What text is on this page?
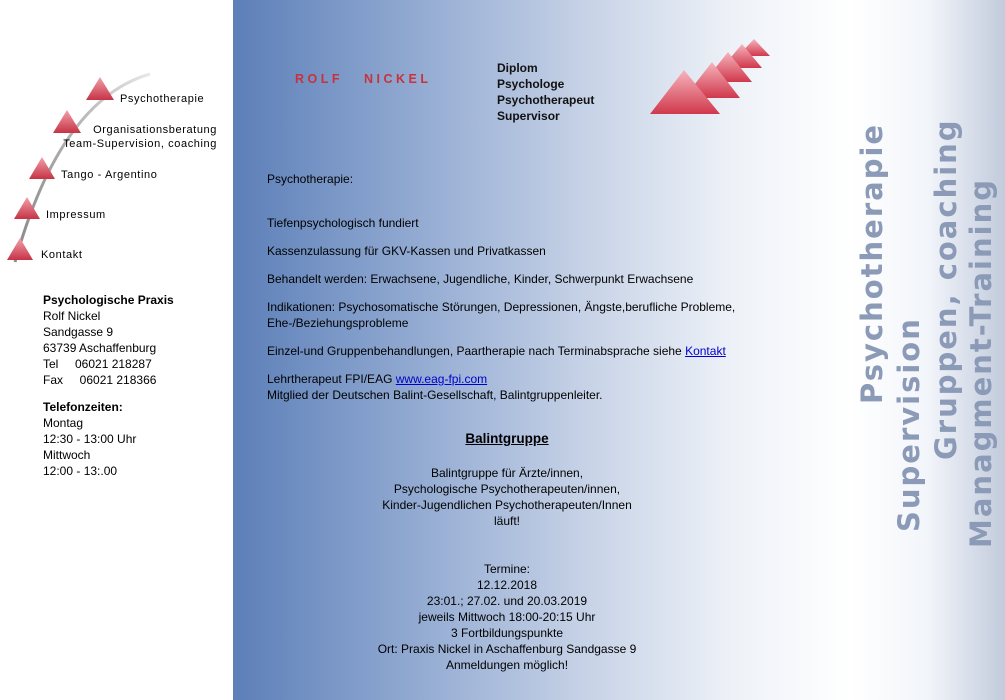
Psychotherapie
Organisationsberatung
Team-Supervision, coaching
Tango - Argentino
Impressum
Kontakt
Psychologische Praxis
Rolf Nickel
Sandgasse 9
63739 Aschaffenburg
Tel     06021 218287
Fax     06021 218366
Telefonzeiten:
Montag
12:30 - 13:00 Uhr
Mittwoch
12:00 - 13:.00
ROLF   NICKEL
Diplom
Psychologe
Psychotherapeut
Supervisor
Psychotherapie:
Tiefenpsychologisch fundiert
Kassenzulassung für GKV-Kassen und Privatkassen
Behandelt werden: Erwachsene, Jugendliche, Kinder, Schwerpunkt Erwachsene
Indikationen: Psychosomatische Störungen, Depressionen, Ängste,berufliche Probleme,
Ehe-/Beziehungsprobleme
Einzel-und Gruppenbehandlungen, Paartherapie nach Terminabsprache siehe Kontakt
Lehrtherapeut FPI/EAG www.eag-fpi.com
Mitglied der Deutschen Balint-Gesellschaft, Balintgruppenleiter.
Balintgruppe
Balintgruppe für Ärzte/innen,
Psychologische Psychotherapeuten/innen,
Kinder-Jugendlichen Psychotherapeuten/Innen
läuft!
Termine:
12.12.2018
23:01.; 27.02. und 20.03.2019
jeweils Mittwoch 18:00-20:15 Uhr
3 Fortbildungspunkte
Ort: Praxis Nickel in Aschaffenburg Sandgasse 9
Anmeldungen möglich!
Psychotherapie
Supervision Gruppen, coaching Managment-Training
